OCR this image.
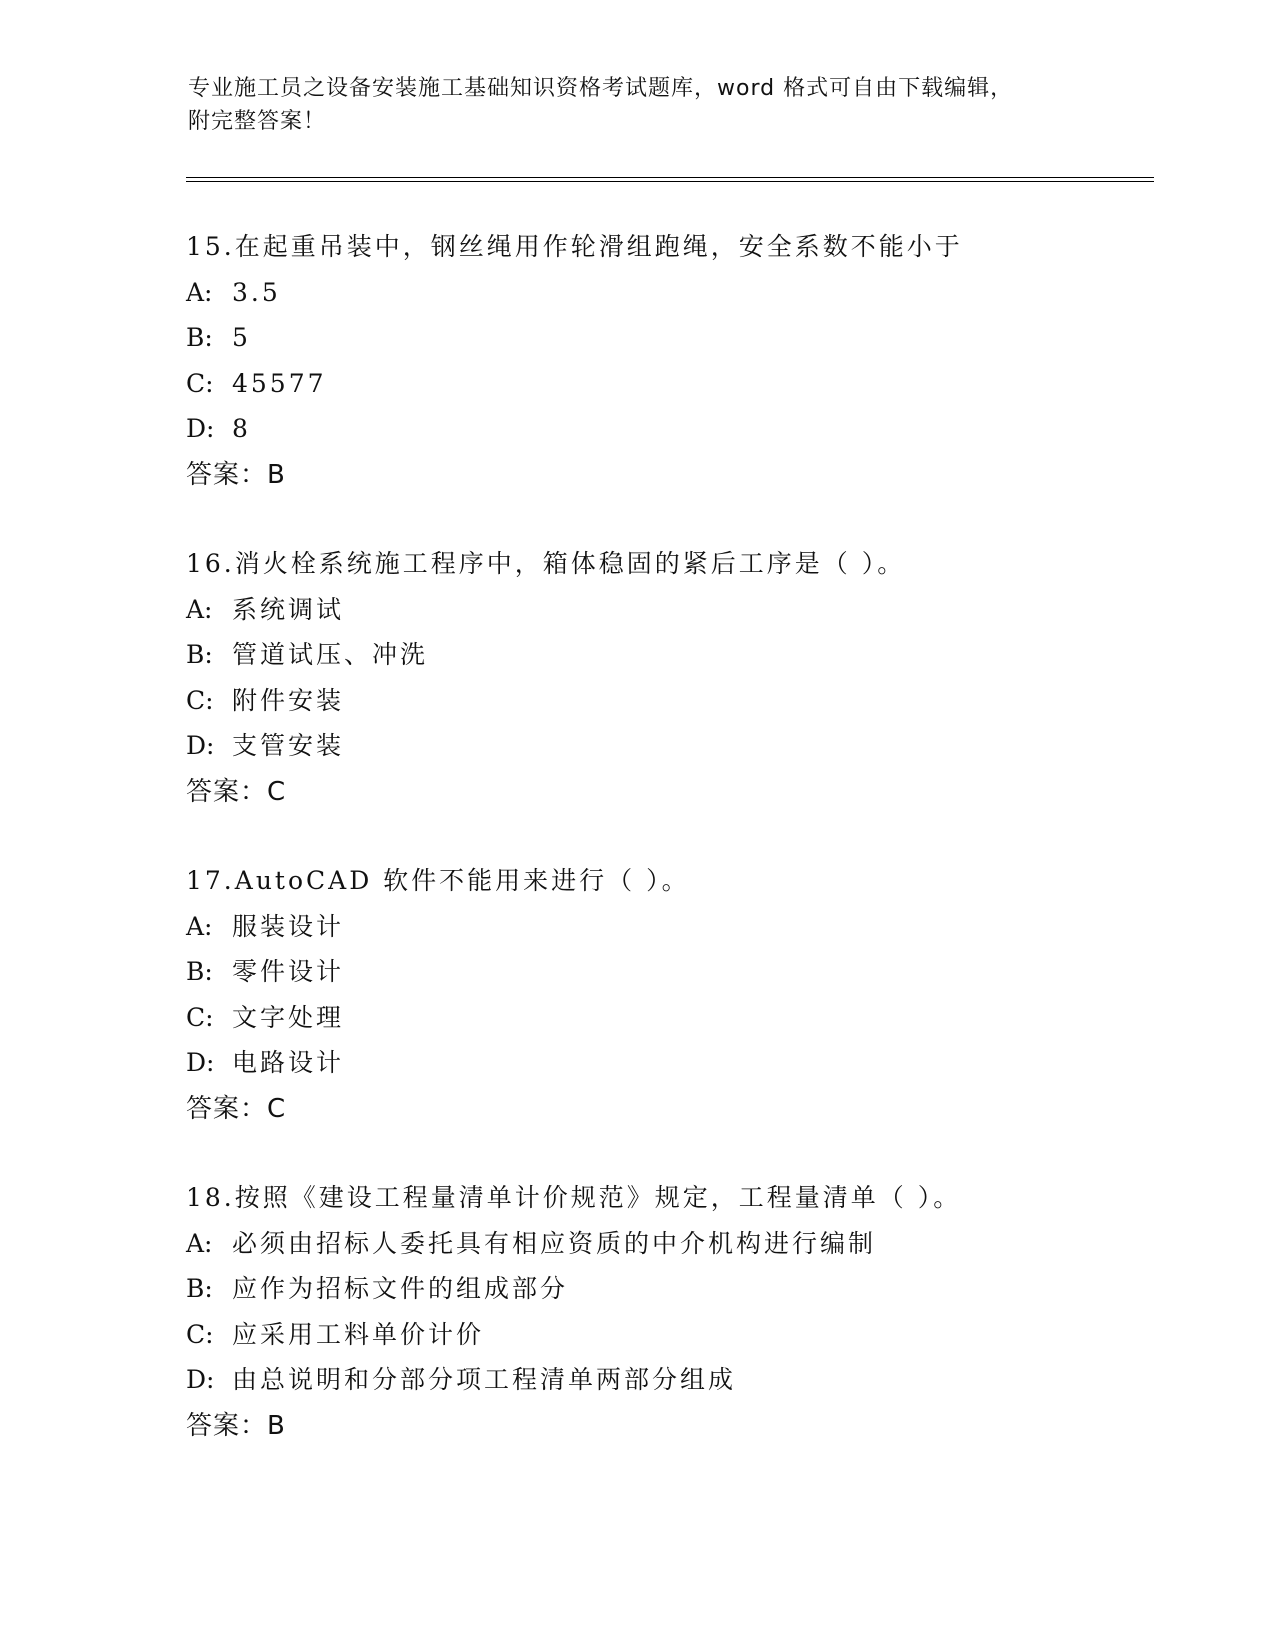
专业施工员之设备安装施工基础知识资格考试题库，word 格式可自由下载编辑，
附完整答案！
15.在起重吊装中，钢丝绳用作轮滑组跑绳，安全系数不能小于
A: 3.5
B: 5
C: 45577
D: 8
答案：B
16.消火栓系统施工程序中，箱体稳固的紧后工序是（ ）。
A: 系统调试
B: 管道试压、冲洗
C: 附件安装
D: 支管安装
答案：C
17.AutoCAD 软件不能用来进行（ ）。
A: 服装设计
B: 零件设计
C: 文字处理
D: 电路设计
答案：C
18.按照《建设工程量清单计价规范》规定，工程量清单（ ）。
A: 必须由招标人委托具有相应资质的中介机构进行编制
B: 应作为招标文件的组成部分
C: 应采用工料单价计价
D: 由总说明和分部分项工程清单两部分组成
答案：B
